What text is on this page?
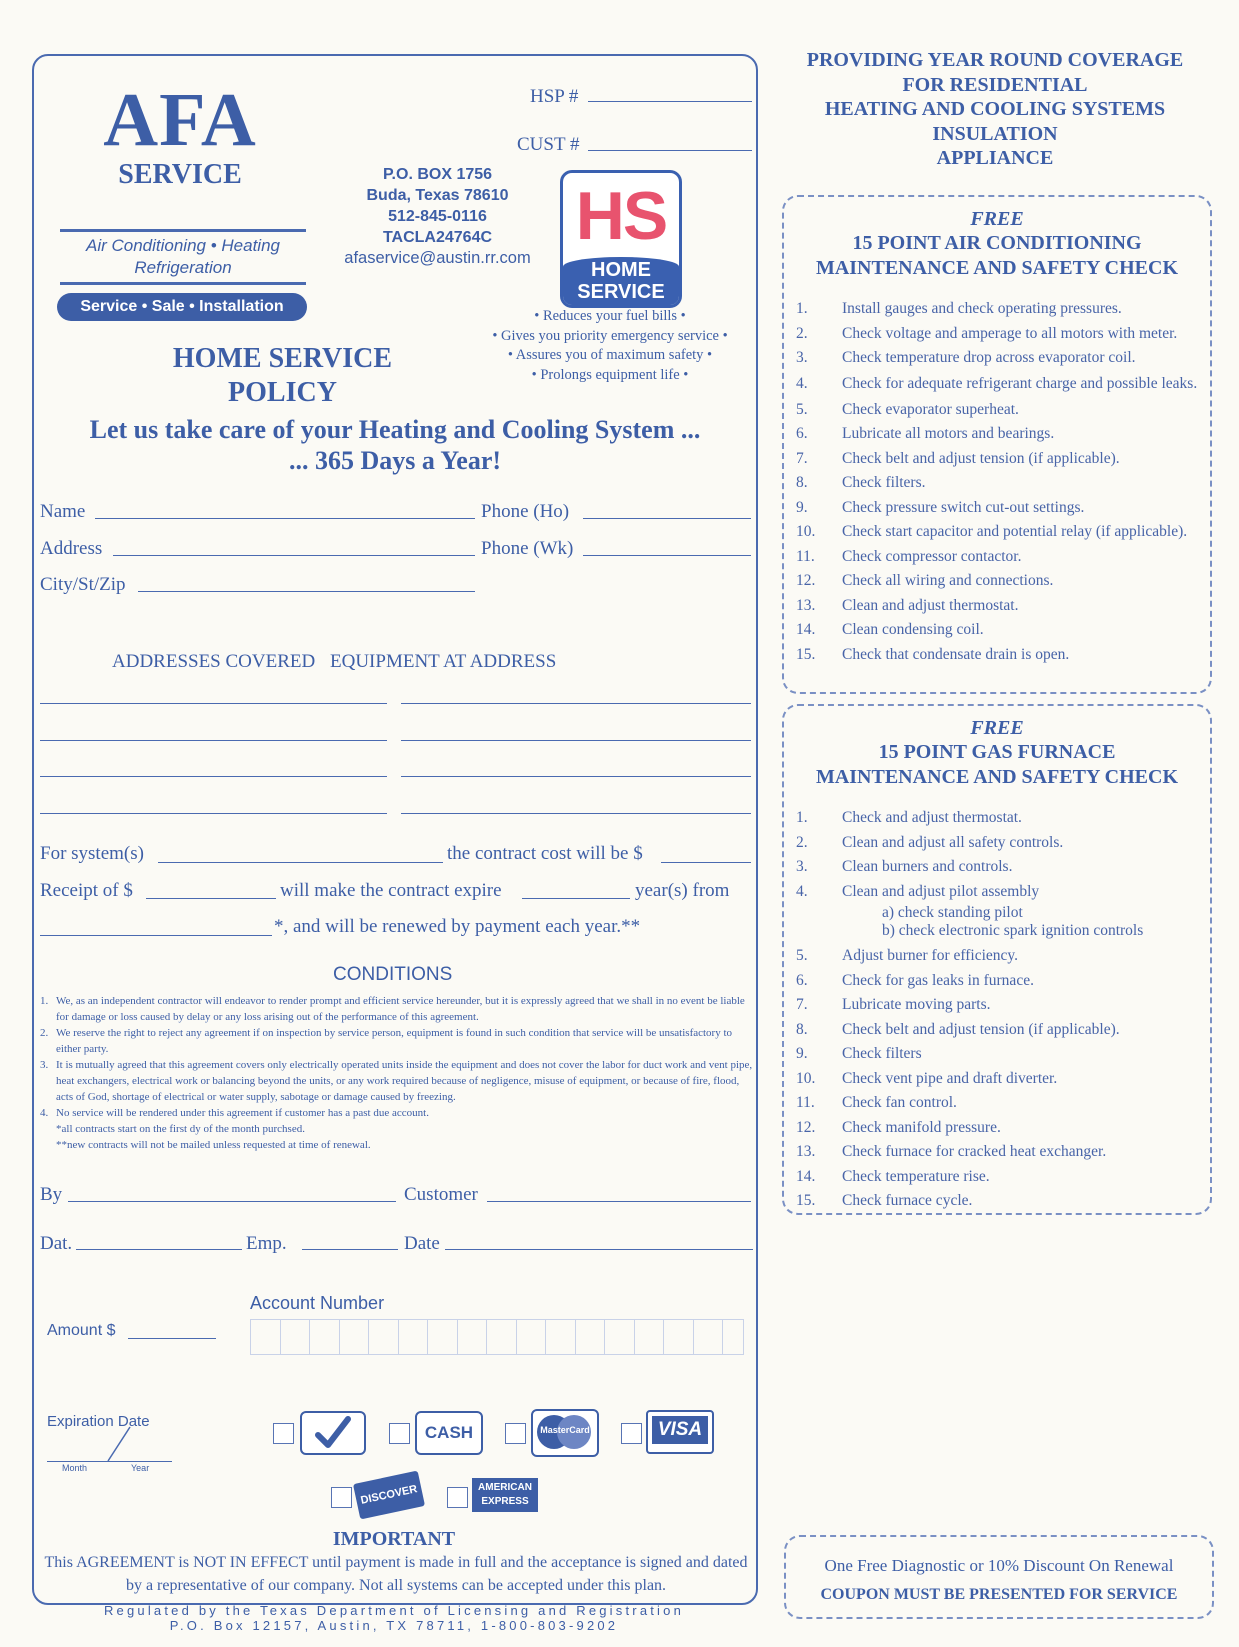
AFA
SERVICE
Air Conditioning • Heating
Refrigeration
Service • Sale • Installation
P.O. BOX 1756
Buda, Texas 78610
512-845-0116
TACLA24764C
afaservice@austin.rr.com
HSP #
CUST #
HS
HOME
SERVICE
• Reduces your fuel bills •
• Gives you priority emergency service •
• Assures you of maximum safety •
• Prolongs equipment life •
HOME SERVICE
POLICY
Let us take care of your Heating and Cooling System ...
... 365 Days a Year!
Name	Phone (Ho)
Address	Phone (Wk)
City/St/Zip
ADDRESSES COVERED EQUIPMENT AT ADDRESS
For system(s)	the contract cost will be $
Receipt of $	will make the contract expire	year(s) from
*, and will be renewed by payment each year.**
CONDITIONS
1. We, as an independent contractor will endeavor to render prompt and efficient service hereunder, but it is expressly agreed that we shall in no event be liable for damage or loss caused by delay or any loss arising out of the performance of this agreement.
2. We reserve the right to reject any agreement if on inspection by service person, equipment is found in such condition that service will be unsatisfactory to either party.
3. It is mutually agreed that this agreement covers only electrically operated units inside the equipment and does not cover the labor for duct work and vent pipe, heat exchangers, electrical work or balancing beyond the units, or any work required because of negligence, misuse of equipment, or because of fire, flood, acts of God, shortage of electrical or water supply, sabotage or damage caused by freezing.
4. No service will be rendered under this agreement if customer has a past due account.
*all contracts start on the first dy of the month purchsed.
**new contracts will not be mailed unless requested at time of renewal.
By	Customer
Dat.	Emp.	Date
Account Number
Amount $
Expiration Date
Month	Year
CASH	MasterCard	VISA
DISCOVER	AMERICAN
EXPRESS
IMPORTANT
This AGREEMENT is NOT IN EFFECT until payment is made in full and the acceptance is signed and dated by a representative of our company. Not all systems can be accepted under this plan.
Regulated by the Texas Department of Licensing and Registration
P.O. Box 12157, Austin, TX 78711, 1-800-803-9202
PROVIDING YEAR ROUND COVERAGE
FOR RESIDENTIAL
HEATING AND COOLING SYSTEMS
INSULATION
APPLIANCE
FREE
15 POINT AIR CONDITIONING
MAINTENANCE AND SAFETY CHECK
1.	Install gauges and check operating pressures.
2.	Check voltage and amperage to all motors with meter.
3.	Check temperature drop across evaporator coil.
4.	Check for adequate refrigerant charge and possible leaks.
5.	Check evaporator superheat.
6.	Lubricate all motors and bearings.
7.	Check belt and adjust tension (if applicable).
8.	Check filters.
9.	Check pressure switch cut-out settings.
10.	Check start capacitor and potential relay (if applicable).
11.	Check compressor contactor.
12.	Check all wiring and connections.
13.	Clean and adjust thermostat.
14.	Clean condensing coil.
15.	Check that condensate drain is open.
FREE
15 POINT GAS FURNACE
MAINTENANCE AND SAFETY CHECK
1.	Check and adjust thermostat.
2.	Clean and adjust all safety controls.
3.	Clean burners and controls.
4.	Clean and adjust pilot assembly
a) check standing pilot
b) check electronic spark ignition controls
5.	Adjust burner for efficiency.
6.	Check for gas leaks in furnace.
7.	Lubricate moving parts.
8.	Check belt and adjust tension (if applicable).
9.	Check filters
10.	Check vent pipe and draft diverter.
11.	Check fan control.
12.	Check manifold pressure.
13.	Check furnace for cracked heat exchanger.
14.	Check temperature rise.
15.	Check furnace cycle.
One Free Diagnostic or 10% Discount On Renewal
COUPON MUST BE PRESENTED FOR SERVICE
